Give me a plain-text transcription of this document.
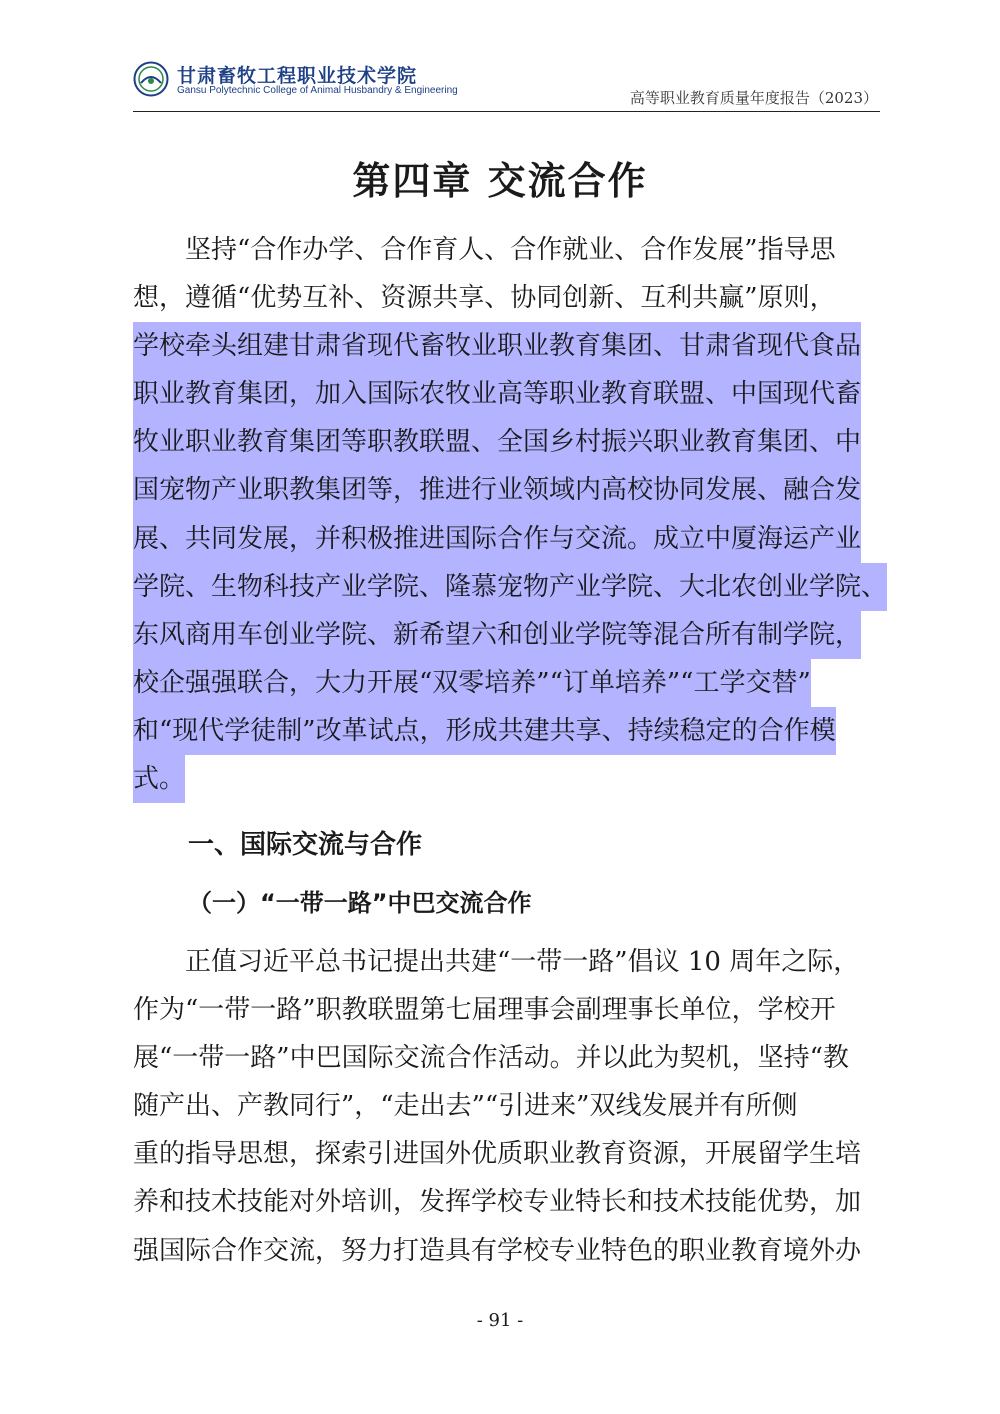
甘肃畜牧工程职业技术学院
Gansu Polytechnic College of Animal Husbandry & Engineering	高等职业教育质量年度报告（2023）
第四章 交流合作
坚持“合作办学、合作育人、合作就业、合作发展”指导思
想，遵循“优势互补、资源共享、协同创新、互利共赢”原则，
学校牵头组建甘肃省现代畜牧业职业教育集团、甘肃省现代食品
职业教育集团，加入国际农牧业高等职业教育联盟、中国现代畜
牧业职业教育集团等职教联盟、全国乡村振兴职业教育集团、中
国宠物产业职教集团等，推进行业领域内高校协同发展、融合发
展、共同发展，并积极推进国际合作与交流。成立中厦海运产业
学院、生物科技产业学院、隆慕宠物产业学院、大北农创业学院、
东风商用车创业学院、新希望六和创业学院等混合所有制学院，
校企强强联合，大力开展“双零培养”“订单培养”“工学交替”
和“现代学徒制”改革试点，形成共建共享、持续稳定的合作模
式。
一、国际交流与合作
（一）“一带一路”中巴交流合作
正值习近平总书记提出共建“一带一路”倡议 10 周年之际，
作为“一带一路”职教联盟第七届理事会副理事长单位，学校开
展“一带一路”中巴国际交流合作活动。并以此为契机，坚持“教
随产出、产教同行”，“走出去”“引进来”双线发展并有所侧
重的指导思想，探索引进国外优质职业教育资源，开展留学生培
养和技术技能对外培训，发挥学校专业特长和技术技能优势，加
强国际合作交流，努力打造具有学校专业特色的职业教育境外办
- 91 -
